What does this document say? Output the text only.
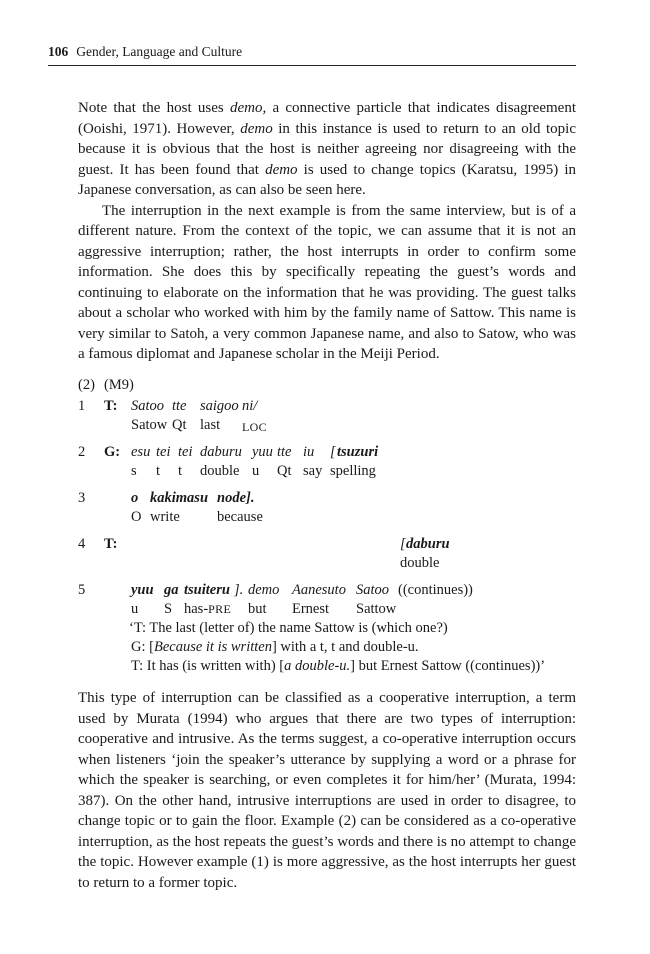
106 Gender, Language and Culture

Note that the host uses demo, a connective particle that indicates disagreement (Ooishi, 1971). However, demo in this instance is used to return to an old topic because it is obvious that the host is neither agreeing nor disagreeing with the guest. It has been found that demo is used to change topics (Karatsu, 1995) in Japanese conversation, as can also be seen here.

The interruption in the next example is from the same interview, but is of a different nature. From the context of the topic, we can assume that it is not an aggressive interruption; rather, the host interrupts in order to confirm some information. She does this by specifically repeating the guest’s words and continuing to elaborate on the information that he was providing. The guest talks about a scholar who worked with him by the family name of Sattow. This name is very similar to Satoh, a very common Japanese name, and also to Satow, who was a famous diplomat and Japanese scholar in the Meiji Period.

(2) (M9)
1 T: Satoo tte saigoo ni/
Satow Qt last LOC
2 G: esu tei tei daburu yuu tte iu [ tsuzuri
s t t double u Qt say spelling
3	o kakimasu node].
O write	because
4 T:	[ daburu
double
5	yuu ga tsuiteru ]. demo Aanesuto Satoo ((continues))
u S has-PRE but Ernest Sattow
‘T: The last (letter of) the name Sattow is (which one?)
G: [Because it is written] with a t, t and double-u.
T: It has (is written with) [a double-u.] but Ernest Sattow ((continues))’

This type of interruption can be classified as a cooperative interruption, a term used by Murata (1994) who argues that there are two types of interruption: cooperative and intrusive. As the terms suggest, a co-operative interruption occurs when listeners ‘join the speaker’s utterance by supplying a word or a phrase for which the speaker is searching, or even completes it for him/her’ (Murata, 1994: 387). On the other hand, intrusive interruptions are used in order to disagree, to change topic or to gain the floor. Example (2) can be considered as a co-operative interruption, as the host repeats the guest’s words and there is no attempt to change the topic. However example (1) is more aggressive, as the host interrupts her guest to return to a former topic.
